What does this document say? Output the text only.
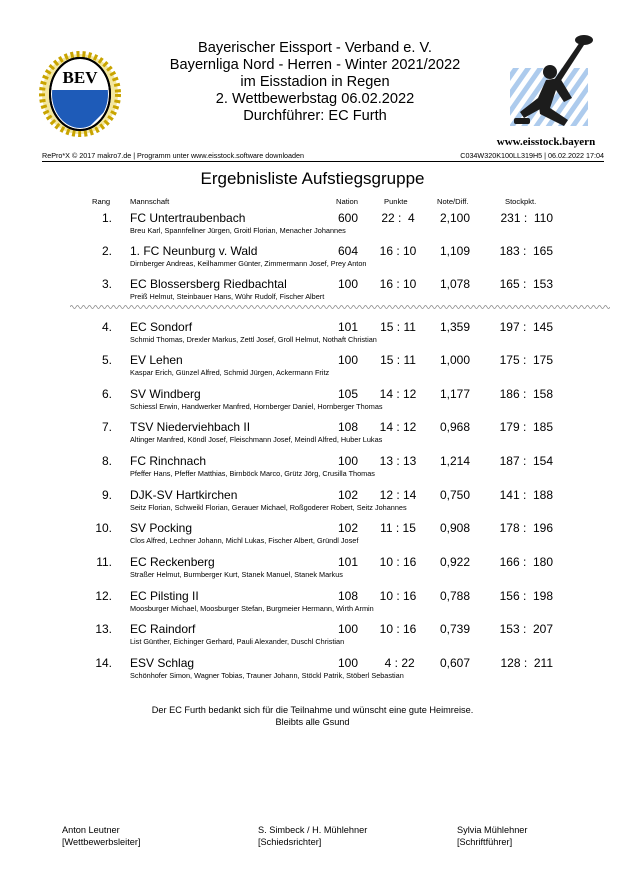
BEV
Bayerischer Eissport - Verband e. V.
Bayernliga Nord - Herren - Winter 2021/2022
im Eisstadion in Regen
2. Wettbewerbstag 06.02.2022
Durchführer: EC Furth
www.eisstock.bayern
RePro*X © 2017 makro7.de | Programm unter www.eisstock.software downloaden	C034W320K100LL319H5 | 06.02.2022 17:04
Ergebnisliste Aufstiegsgruppe
Rang	Mannschaft	Nation	Punkte	Note/Diff.	Stockpkt.
1. FC Untertraubenbach	600	22 :  4	2,100	231 :  110
Breu Karl, Spannfellner Jürgen, Groitl Florian, Menacher Johannes
2. 1. FC Neunburg v. Wald	604	16 : 10	1,109	183 :  165
Dirnberger Andreas, Keilhammer Günter, Zimmermann Josef, Prey Anton
3. EC Blossersberg Riedbachtal	100	16 : 10	1,078	165 :  153
Preiß Helmut, Steinbauer Hans, Wühr Rudolf, Fischer Albert
4. EC Sondorf	101	15 : 11	1,359	197 :  145
Schmid Thomas, Drexler Markus, Zettl Josef, Groll Helmut, Nothaft Christian
5. EV Lehen	100	15 : 11	1,000	175 :  175
Kaspar Erich, Günzel Alfred, Schmid Jürgen, Ackermann Fritz
6. SV Windberg	105	14 : 12	1,177	186 :  158
Schiessl Erwin, Handwerker Manfred, Hornberger Daniel, Hornberger Thomas
7. TSV Niederviehbach II	108	14 : 12	0,968	179 :  185
Altinger Manfred, Köndl Josef, Fleischmann Josef, Meindl Alfred, Huber Lukas
8. FC Rinchnach	100	13 : 13	1,214	187 :  154
Pfeffer Hans, Pfeffer Matthias, Birnböck Marco, Grütz Jörg, Crusilla Thomas
9. DJK-SV Hartkirchen	102	12 : 14	0,750	141 :  188
Seitz Florian, Schweikl Florian, Gerauer Michael, Roßgoderer Robert, Seitz Johannes
10. SV Pocking	102	11 : 15	0,908	178 :  196
Clos Alfred, Lechner Johann, Michl Lukas, Fischer Albert, Gründl Josef
11. EC Reckenberg	101	10 : 16	0,922	166 :  180
Straßer Helmut, Burmberger Kurt, Stanek Manuel, Stanek Markus
12. EC Pilsting II	108	10 : 16	0,788	156 :  198
Moosburger Michael, Moosburger Stefan, Burgmeier Hermann, Wirth Armin
13. EC Raindorf	100	10 : 16	0,739	153 :  207
List Günther, Eichinger Gerhard, Pauli Alexander, Duschl Christian
14. ESV Schlag	100	4 : 22	0,607	128 :  211
Schönhofer Simon, Wagner Tobias, Trauner Johann, Stöckl Patrik, Stöberl Sebastian
Der EC Furth bedankt sich für die Teilnahme und wünscht eine gute Heimreise.
Bleibts alle Gsund
Anton Leutner
[Wettbewerbsleiter]
S. Simbeck / H. Mühlehner
[Schiedsrichter]
Sylvia Mühlehner
[Schriftführer]
